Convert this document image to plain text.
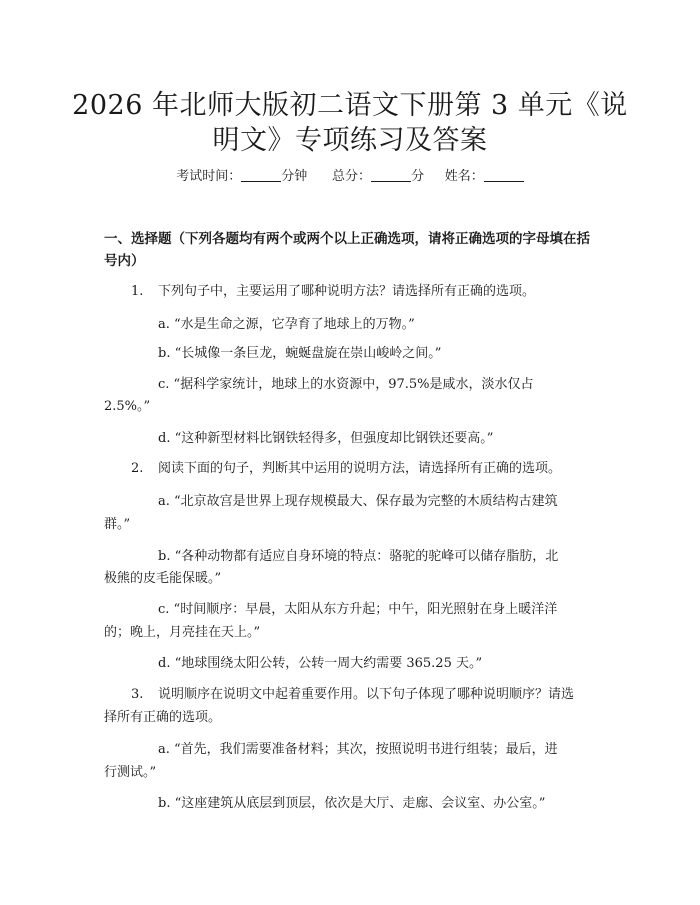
2026 年北师大版初二语文下册第 3 单元《说
明文》专项练习及答案
考试时间：	分钟 总分：	分 姓名：
一、选择题（下列各题均有两个或两个以上正确选项，请将正确选项的字母填在括号内）
1. 下列句子中，主要运用了哪种说明方法？请选择所有正确的选项。
a. “水是生命之源，它孕育了地球上的万物。”
b. “长城像一条巨龙，蜿蜒盘旋在崇山峻岭之间。”
c. “据科学家统计，地球上的水资源中，97.5%是咸水，淡水仅占
2.5%。”
d. “这种新型材料比钢铁轻得多，但强度却比钢铁还要高。”
2. 阅读下面的句子，判断其中运用的说明方法，请选择所有正确的选项。
a. “北京故宫是世界上现存规模最大、保存最为完整的木质结构古建筑
群。”
b. “各种动物都有适应自身环境的特点：骆驼的驼峰可以储存脂肪，北
极熊的皮毛能保暖。”
c. “时间顺序：早晨，太阳从东方升起；中午，阳光照射在身上暖洋洋
的；晚上，月亮挂在天上。”
d. “地球围绕太阳公转，公转一周大约需要 365.25 天。”
3. 说明顺序在说明文中起着重要作用。以下句子体现了哪种说明顺序？请选
择所有正确的选项。
a. “首先，我们需要准备材料；其次，按照说明书进行组装；最后，进
行测试。”
b. “这座建筑从底层到顶层，依次是大厅、走廊、会议室、办公室。”
